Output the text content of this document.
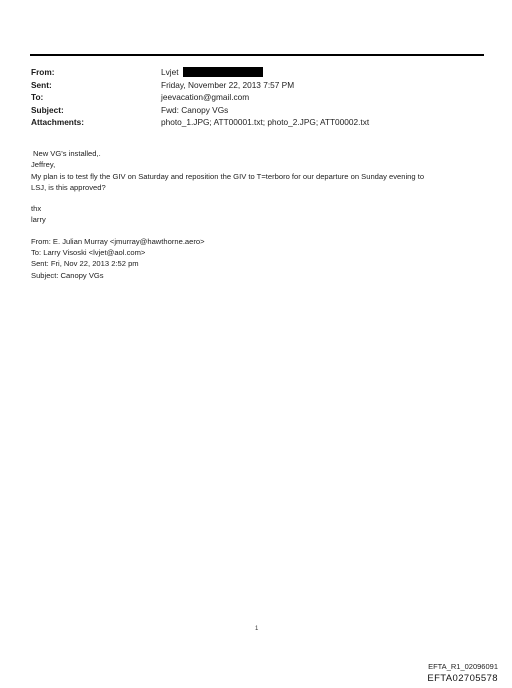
From:	Lvjet
Sent:	Friday, November 22, 2013 7:57 PM
To:	jeevacation@gmail.com
Subject:	Fwd: Canopy VGs
Attachments:	photo_1.JPG; ATT00001.txt; photo_2.JPG; ATT00002.txt

New VG's installed,.

Jeffrey,

My plan is to test fly the GIV on Saturday and reposition the GIV to T=terboro for our departure on Sunday evening to

LSJ, is this approved?

thx

larry

From: E. Julian Murray <jmurray@hawthorne.aero>

To: Larry Visoski <lvjet@aol.com>

Sent: Fri, Nov 22, 2013 2:52 pm

Subject: Canopy VGs

1
EFTA_R1_02096091
EFTA02705578
